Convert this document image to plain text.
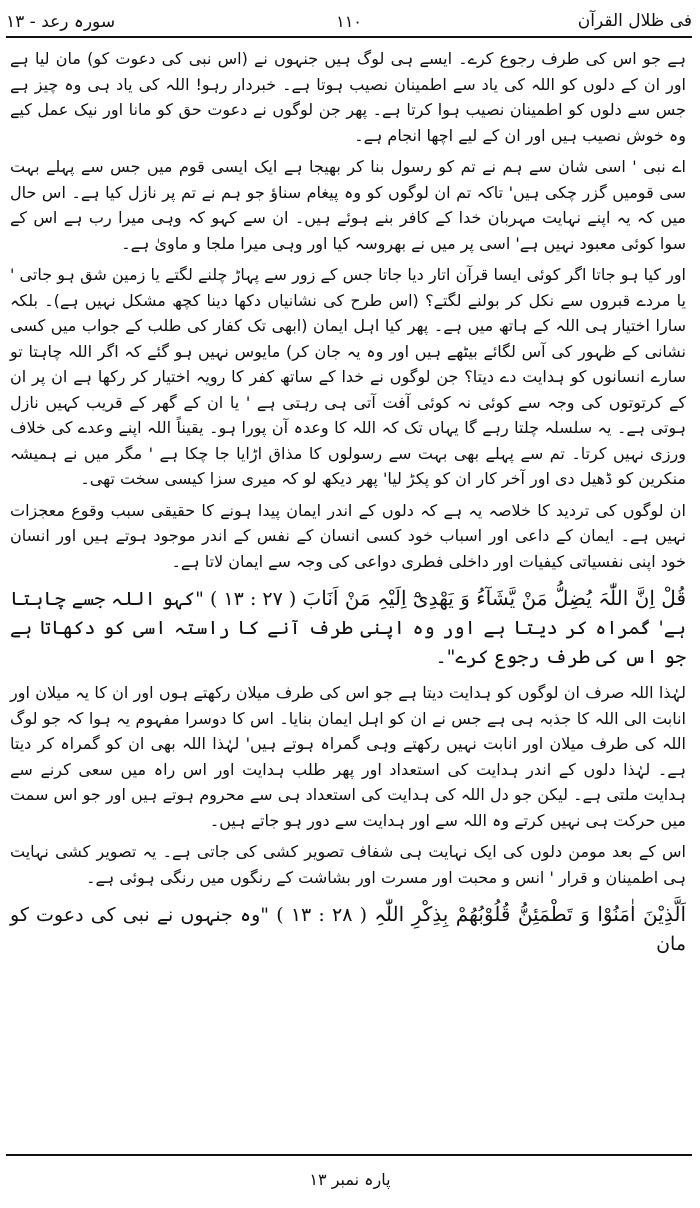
فی ظلال القرآن
١١٠
سورہ رعد - ١٣

ہے جو اس کی طرف رجوع کرے۔ ایسے ہی لوگ ہیں جنہوں نے (اس نبی کی دعوت کو) مان لیا ہے اور ان کے دلوں کو اللہ کی یاد سے اطمینان نصیب ہوتا ہے۔ خبردار رہو! اللہ کی یاد ہی وہ چیز ہے جس سے دلوں کو اطمینان نصیب ہوا کرتا ہے۔ پھر جن لوگوں نے دعوت حق کو مانا اور نیک عمل کیے وہ خوش نصیب ہیں اور ان کے لیے اچھا انجام ہے۔

اے نبی ' اسی شان سے ہم نے تم کو رسول بنا کر بھیجا ہے ایک ایسی قوم میں جس سے پہلے بہت سی قومیں گزر چکی ہیں' تاکہ تم ان لوگوں کو وہ پیغام سناؤ جو ہم نے تم پر نازل کیا ہے۔ اس حال میں کہ یہ اپنے نہایت مہربان خدا کے کافر بنے ہوئے ہیں۔ ان سے کہو کہ وہی میرا رب ہے اس کے سوا کوئی معبود نہیں ہے' اسی پر میں نے بھروسہ کیا اور وہی میرا ملجا و ماویٰ ہے۔

اور کیا ہو جاتا اگر کوئی ایسا قرآن اتار دیا جاتا جس کے زور سے پہاڑ چلنے لگتے یا زمین شق ہو جاتی ' یا مردے قبروں سے نکل کر بولنے لگتے؟ (اس طرح کی نشانیاں دکھا دینا کچھ مشکل نہیں ہے)۔ بلکہ سارا اختیار ہی اللہ کے ہاتھ میں ہے۔ پھر کیا اہل ایمان (ابھی تک کفار کی طلب کے جواب میں کسی نشانی کے ظہور کی آس لگائے بیٹھے ہیں اور وہ یہ جان کر) مایوس نہیں ہو گئے کہ اگر اللہ چاہتا تو سارے انسانوں کو ہدایت دے دیتا؟ جن لوگوں نے خدا کے ساتھ کفر کا رویہ اختیار کر رکھا ہے ان پر ان کے کرتوتوں کی وجہ سے کوئی نہ کوئی آفت آتی ہی رہتی ہے ' یا ان کے گھر کے قریب کہیں نازل ہوتی ہے۔ یہ سلسلہ چلتا رہے گا یہاں تک کہ اللہ کا وعدہ آن پورا ہو۔ یقیناً اللہ اپنے وعدے کی خلاف ورزی نہیں کرتا۔ تم سے پہلے بھی بہت سے رسولوں کا مذاق اڑایا جا چکا ہے ' مگر میں نے ہمیشہ منکرین کو ڈھیل دی اور آخر کار ان کو پکڑ لیا' پھر دیکھ لو کہ میری سزا کیسی سخت تھی۔

ان لوگوں کی تردید کا خلاصہ یہ ہے کہ دلوں کے اندر ایمان پیدا ہونے کا حقیقی سبب وقوع معجزات نہیں ہے۔ ایمان کے داعی اور اسباب خود کسی انسان کے نفس کے اندر موجود ہوتے ہیں اور انسان خود اپنی نفسیاتی کیفیات اور داخلی فطری دواعی کی وجہ سے ایمان لاتا ہے۔

قُلْ اِنَّ اللّٰہَ یُضِلُّ مَنْ یَّشَآءُ وَ یَھْدِیْٓ اِلَیْہِ مَنْ اَنَابَ ( ٢٧ : ١٣ ) "کہو اللہ جسے چاہتا ہے' گمراہ کر دیتا ہے اور وہ اپنی طرف آنے کا راستہ اسی کو دکھاتا ہے جو اس کی طرف رجوع کرے"۔

لہٰذا اللہ صرف ان لوگوں کو ہدایت دیتا ہے جو اس کی طرف میلان رکھتے ہوں اور ان کا یہ میلان اور انابت الی اللہ کا جذبہ ہی ہے جس نے ان کو اہل ایمان بنایا۔ اس کا دوسرا مفہوم یہ ہوا کہ جو لوگ اللہ کی طرف میلان اور انابت نہیں رکھتے وہی گمراہ ہوتے ہیں' لہٰذا اللہ بھی ان کو گمراہ کر دیتا ہے۔ لہٰذا دلوں کے اندر ہدایت کی استعداد اور پھر طلب ہدایت اور اس راہ میں سعی کرنے سے ہدایت ملتی ہے۔ لیکن جو دل اللہ کی ہدایت کی استعداد ہی سے محروم ہوتے ہیں اور جو اس سمت میں حرکت ہی نہیں کرتے وہ اللہ سے اور ہدایت سے دور ہو جاتے ہیں۔

اس کے بعد مومن دلوں کی ایک نہایت ہی شفاف تصویر کشی کی جاتی ہے۔ یہ تصویر کشی نہایت ہی اطمینان و قرار ' انس و محبت اور مسرت اور بشاشت کے رنگوں میں رنگی ہوئی ہے۔

اَلَّذِیْنَ اٰمَنُوْا وَ تَطْمَئِنُّ قُلُوْبُھُمْ بِذِکْرِ اللّٰہِ ( ٢٨ : ١٣ ) "وہ جنہوں نے نبی کی دعوت کو مان

پارہ نمبر ١٣
